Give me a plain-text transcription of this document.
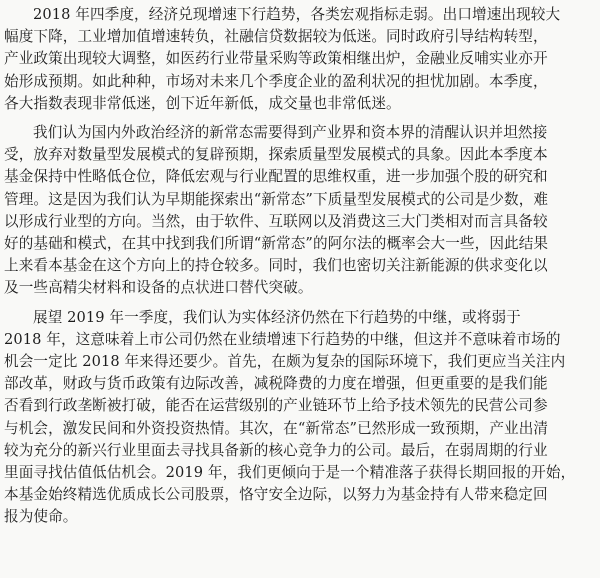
2018 年四季度，经济兑现增速下行趋势，各类宏观指标走弱。出口增速出现较大
幅度下降，工业增加值增速转负，社融信贷数据较为低迷。同时政府引导结构转型，
产业政策出现较大调整，如医药行业带量采购等政策相继出炉，金融业反哺实业亦开
始形成预期。如此种种，市场对未来几个季度企业的盈利状况的担忧加剧。本季度，
各大指数表现非常低迷，创下近年新低，成交量也非常低迷。
我们认为国内外政治经济的新常态需要得到产业界和资本界的清醒认识并坦然接
受，放弃对数量型发展模式的复辟预期，探索质量型发展模式的具象。因此本季度本
基金保持中性略低仓位，降低宏观与行业配置的思维权重，进一步加强个股的研究和
管理。这是因为我们认为早期能探索出“新常态”下质量型发展模式的公司是少数，难
以形成行业型的方向。当然，由于软件、互联网以及消费这三大门类相对而言具备较
好的基础和模式，在其中找到我们所谓“新常态”的阿尔法的概率会大一些，因此结果
上来看本基金在这个方向上的持仓较多。同时，我们也密切关注新能源的供求变化以
及一些高精尖材料和设备的点状进口替代突破。
展望 2019 年一季度，我们认为实体经济仍然在下行趋势的中继，或将弱于
2018 年，这意味着上市公司仍然在业绩增速下行趋势的中继，但这并不意味着市场的
机会一定比 2018 年来得还要少。首先，在颇为复杂的国际环境下，我们更应当关注内
部改革，财政与货币政策有边际改善，减税降费的力度在增强，但更重要的是我们能
否看到行政垄断被打破，能否在运营级别的产业链环节上给予技术领先的民营公司参
与机会，激发民间和外资投资热情。其次，在“新常态”已然形成一致预期，产业出清
较为充分的新兴行业里面去寻找具备新的核心竞争力的公司。最后，在弱周期的行业
里面寻找估值低估机会。2019 年，我们更倾向于是一个精准落子获得长期回报的开始，
本基金始终精选优质成长公司股票，恪守安全边际，以努力为基金持有人带来稳定回
报为使命。
